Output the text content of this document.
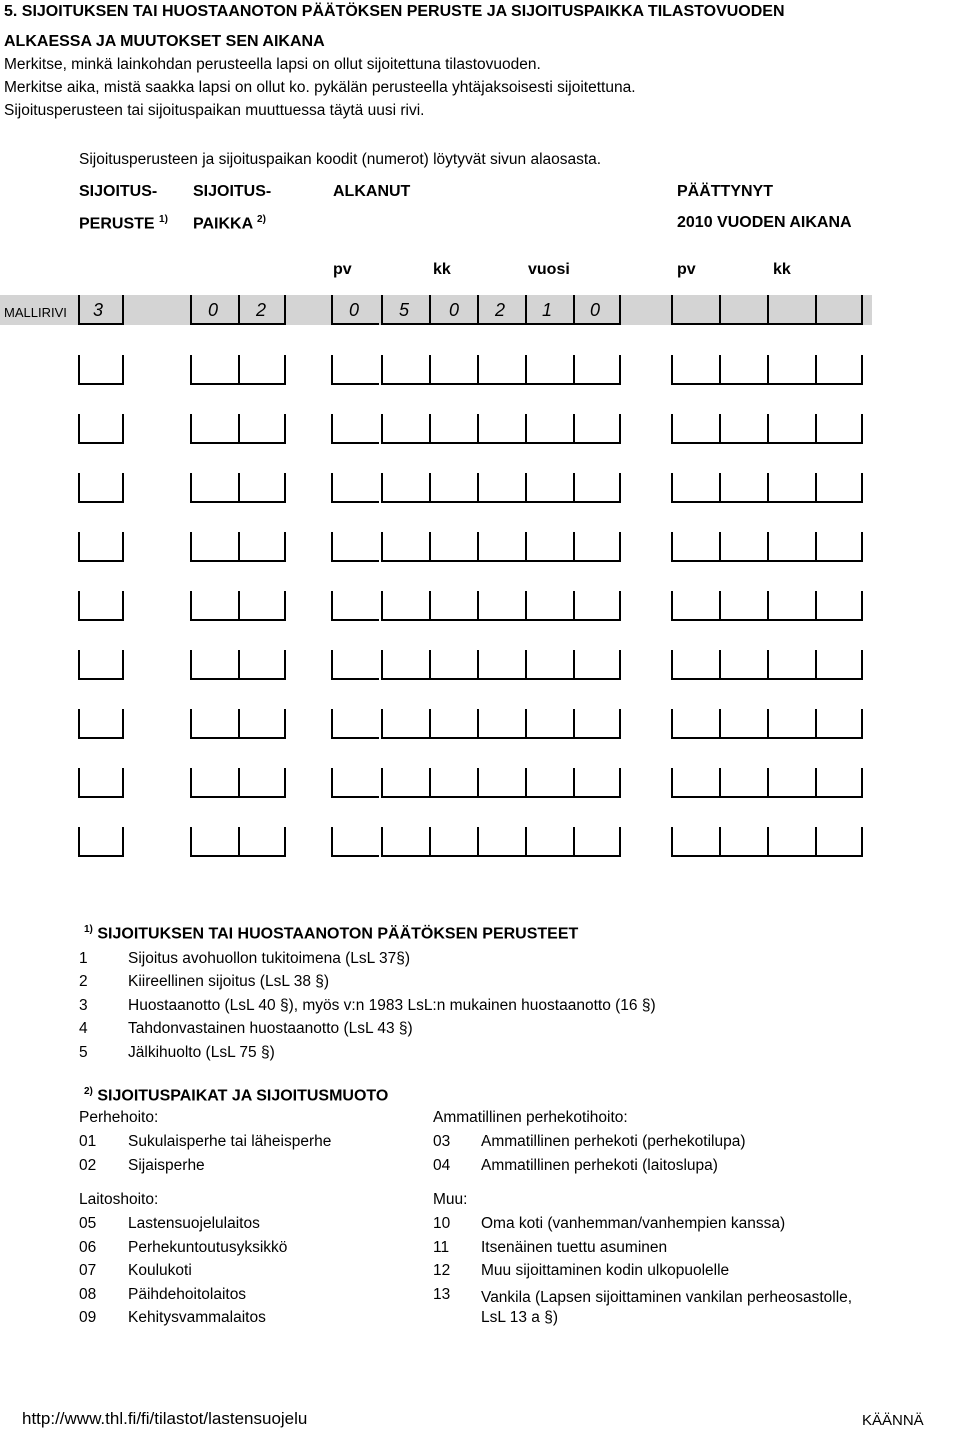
5. SIJOITUKSEN TAI HUOSTAANOTON PÄÄTÖKSEN PERUSTE JA SIJOITUSPAIKKA TILASTOVUODEN
ALKAESSA JA MUUTOKSET SEN AIKANA
Merkitse, minkä lainkohdan perusteella lapsi on ollut sijoitettuna tilastovuoden.
Merkitse aika, mistä saakka lapsi on ollut ko. pykälän perusteella yhtäjaksoisesti sijoitettuna.
Sijoitusperusteen tai sijoituspaikan muuttuessa täytä uusi rivi.
Sijoitusperusteen ja sijoituspaikan koodit (numerot) löytyvät sivun alaosasta.
SIJOITUS-
PERUSTE $^{1)}$
SIJOITUS-
PAIKKA $^{2)}$
ALKANUT	PÄÄTTYNYT
2010 VUODEN AIKANA
pv	kk	vuosi	pv	kk
MALLIRIVI	3	0	2	0	5	0	2	1	0
$^{1)}$ SIJOITUKSEN TAI HUOSTAANOTON PÄÄTÖKSEN PERUSTEET
1	Sijoitus avohuollon tukitoimena (LsL 37§)
2	Kiireellinen sijoitus (LsL 38 §)
3	Huostaanotto (LsL 40 §), myös v:n 1983 LsL:n mukainen huostaanotto (16 §)
4	Tahdonvastainen huostaanotto (LsL 43 §)
5	Jälkihuolto (LsL 75 §)
$^{2)}$ SIJOITUSPAIKAT JA SIJOITUSMUOTO
Perhehoito:
01 Sukulaisperhe tai läheisperhe
02 Sijaisperhe
Ammatillinen perhekotihoito:
03 Ammatillinen perhekoti (perhekotilupa)
04 Ammatillinen perhekoti (laitoslupa)
Laitoshoito:
05 Lastensuojelulaitos
06 Perhekuntoutusyksikkö
07 Koulukoti
08 Päihdehoitolaitos
09 Kehitysvammalaitos
Muu:
10 Oma koti (vanhemman/vanhempien kanssa)
11 Itsenäinen tuettu asuminen
12 Muu sijoittaminen kodin ulkopuolelle
13 Vankila (Lapsen sijoittaminen vankilan perheosastolle,
LsL 13 a §)
http://www.thl.fi/fi/tilastot/lastensuojelu	KÄÄNNÄ
